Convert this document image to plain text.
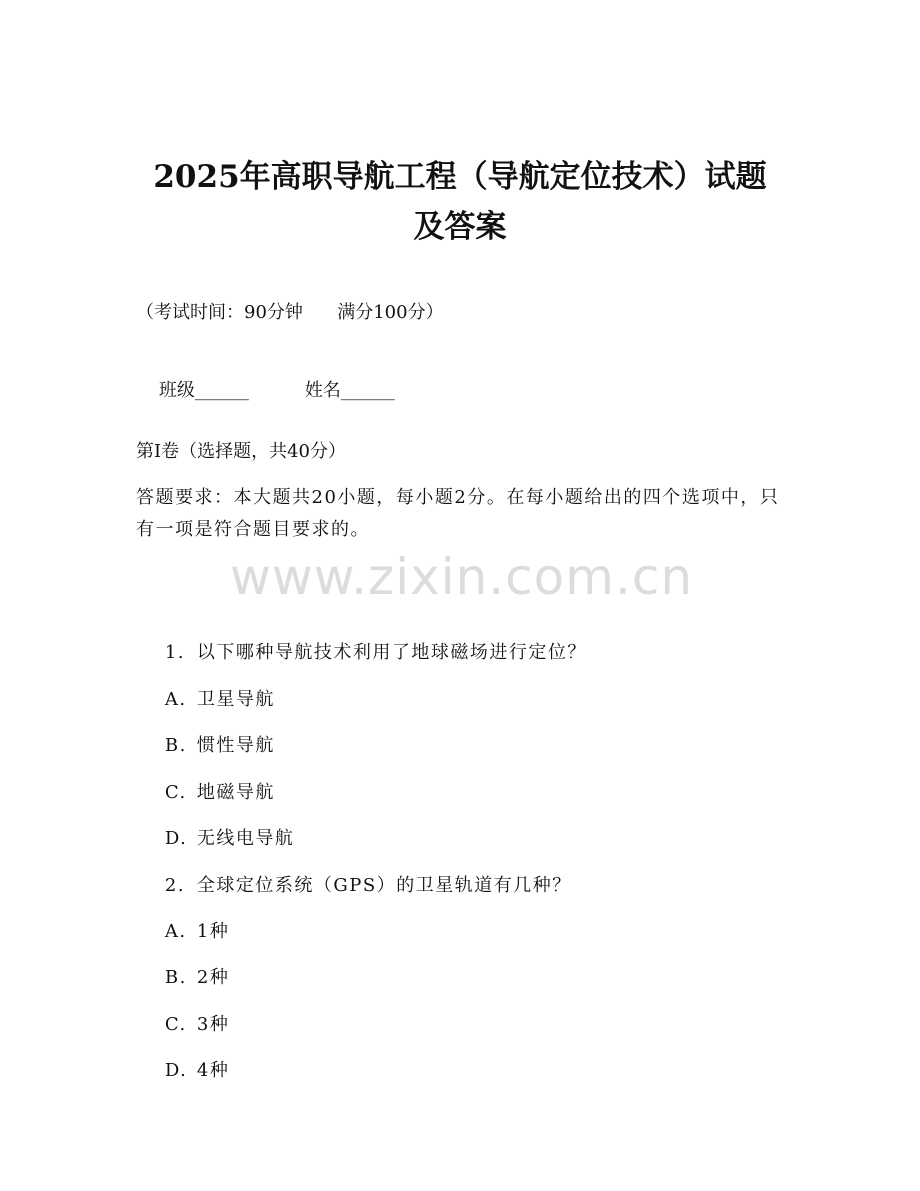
2025年高职导航工程（导航定位技术）试题
及答案
（考试时间：90分钟      满分100分）

班级______	姓名______

第I卷（选择题，共40分）
答题要求：本大题共20小题，每小题2分。在每小题给出的四个选项中，只有一项是符合题目要求的。
www.zixin.com.cn

1. 以下哪种导航技术利用了地球磁场进行定位？

A. 卫星导航

B. 惯性导航

C. 地磁导航

D. 无线电导航

2. 全球定位系统（GPS）的卫星轨道有几种？

A. 1种

B. 2种

C. 3种

D. 4种
